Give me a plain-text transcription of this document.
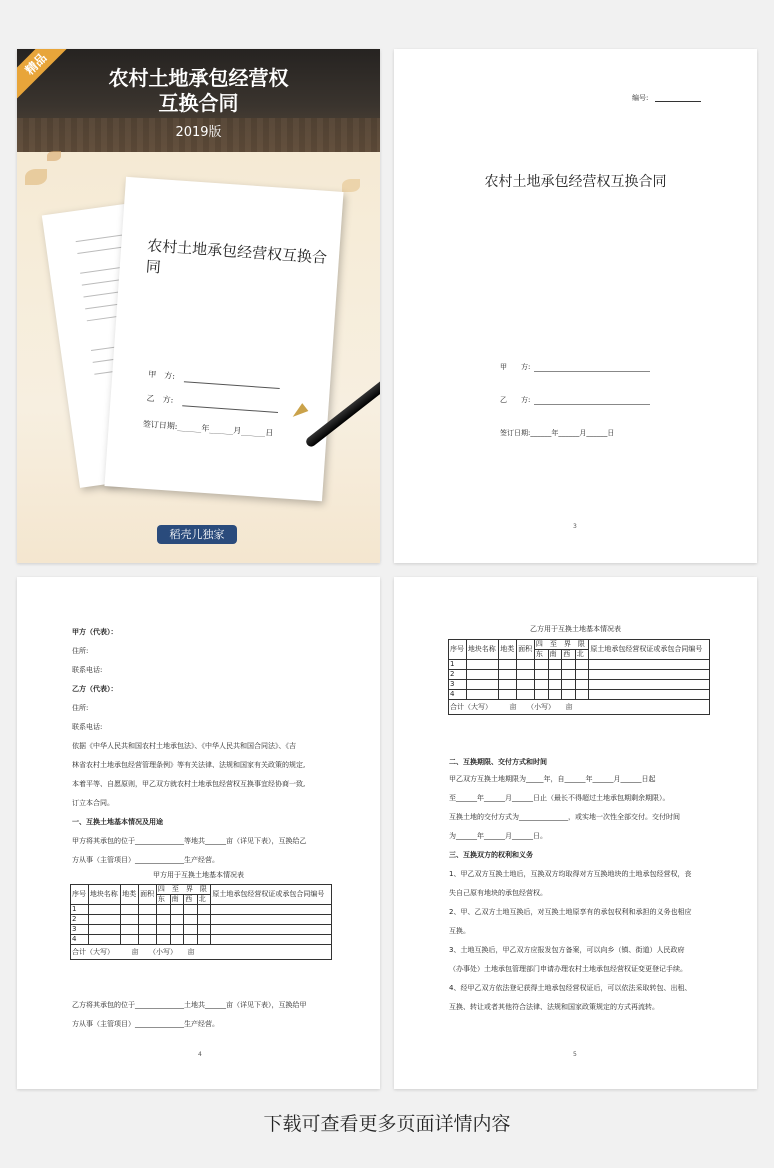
精品
农村土地承包经营权
互换合同
2019版
农村土地承包经营权互换合同
甲　方:
乙　方:
签订日期:______年______月______日
稻壳儿独家
编号:
农村土地承包经营权互换合同
甲　　方:
乙　　方:
签订日期:______年______月______日
3
甲方（代表）：
住所:
联系电话:
乙方（代表）：
住所:
联系电话:
依据《中华人民共和国农村土地承包法》、《中华人民共和国合同法》、《吉
林省农村土地承包经营管理条例》等有关法律、法规和国家有关政策的规定,
本着平等、自愿原则，甲乙双方就农村土地承包经营权互换事宜经协商一致,
订立本合同。
一、互换土地基本情况及用途
甲方将其承包的位于______________等地共______亩（详见下表），互换给乙
方从事（主管项目）______________生产经营。
甲方用于互换土地基本情况表
序号	地块名称	地类	面积	四　至　界　限				原土地承包经营权证或承包合同编号
				东	南	西	北	
1								
2								
3								
4								
合计（大写）　　　亩　　（小写）　　亩								
乙方将其承包的位于______________土地共______亩（详见下表），互换给甲
方从事（主管项目）______________生产经营。
4
乙方用于互换土地基本情况表
序号	地块名称	地类	面积	四　至　界　限				原土地承包经营权证或承包合同编号
				东	南	西	北	
1								
2								
3								
4								
合计（大写）　　　亩　　（小写）　　亩								
二、互换期限、交付方式和时间
甲乙双方互换土地期限为_____年，自______年______月______日起
至______年______月______日止（最长不得超过土地承包期剩余期限）。
互换土地的交付方式为______________，或实地一次性全部交付。交付时间
为______年______月______日。
三、互换双方的权利和义务
1、甲乙双方互换土地后，互换双方均取得对方互换地块的土地承包经营权，丧
失自己原有地块的承包经营权。
2、甲、乙双方土地互换后，对互换土地原享有的承包权利和承担的义务也相应
互换。
3、土地互换后，甲乙双方应报发包方备案，可以向乡（镇、街道）人民政府
（办事处）土地承包管理部门申请办理农村土地承包经营权证变更登记手续。
4、经甲乙双方依法登记获得土地承包经营权证后，可以依法采取转包、出租、
互换、转让或者其他符合法律、法规和国家政策规定的方式再流转。
5
下载可查看更多页面详情内容
